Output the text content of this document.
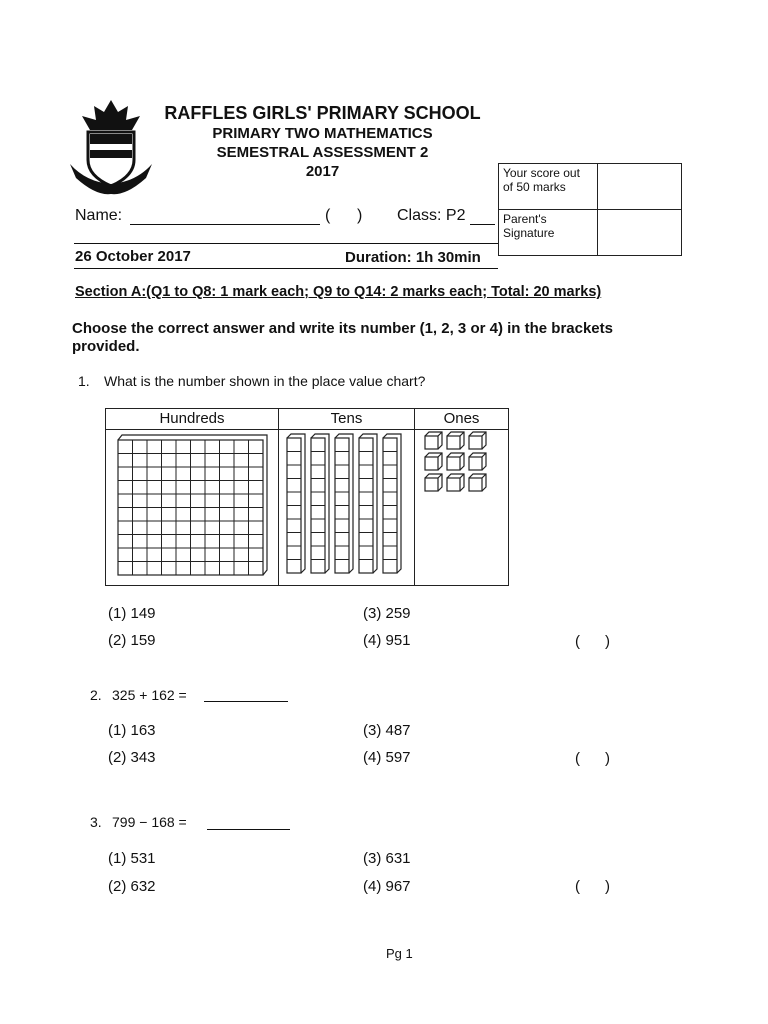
RAFFLES GIRLS' PRIMARY SCHOOL
PRIMARY TWO MATHEMATICS
SEMESTRAL ASSESSMENT 2
2017	Your score out of 50 marks	
Parent's Signature	
Name:	(      ) Class: P2
26 October 2017	Duration: 1h 30min
Section A:(Q1 to Q8: 1 mark each; Q9 to Q14: 2 marks each; Total: 20 marks)
Choose the correct answer and write its number (1, 2, 3 or 4) in the brackets provided.
1. What is the number shown in the place value chart?
Hundreds	Tens	Ones
(1) 149
(2) 159
(3) 259
(4) 951	(      )
2. 325 + 162 =
(1) 163
(2) 343
(3) 487
(4) 597	(      )
3. 799 − 168 =
(1) 531
(2) 632
(3) 631
(4) 967	(      )
Pg 1
